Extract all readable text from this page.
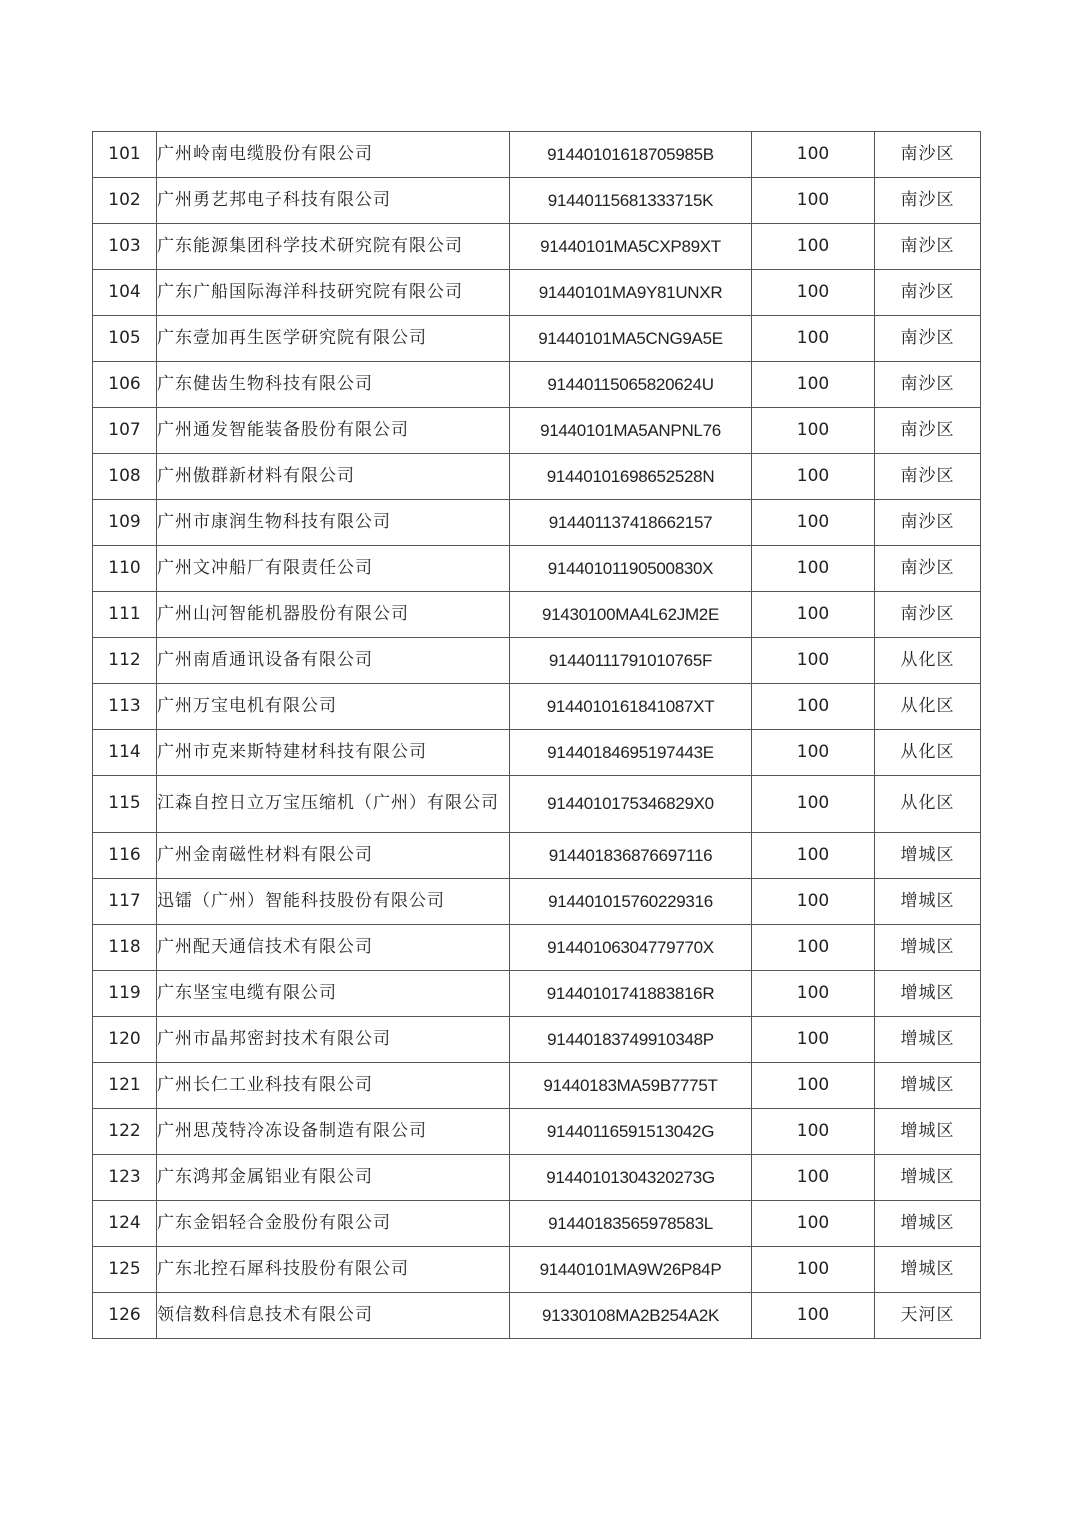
101	广州岭南电缆股份有限公司	91440101618705985B	100	南沙区
102	广州勇艺邦电子科技有限公司	91440115681333715K	100	南沙区
103	广东能源集团科学技术研究院有限公司	91440101MA5CXP89XT	100	南沙区
104	广东广船国际海洋科技研究院有限公司	91440101MA9Y81UNXR	100	南沙区
105	广东壹加再生医学研究院有限公司	91440101MA5CNG9A5E	100	南沙区
106	广东健齿生物科技有限公司	91440115065820624U	100	南沙区
107	广州通发智能装备股份有限公司	91440101MA5ANPNL76	100	南沙区
108	广州傲群新材料有限公司	91440101698652528N	100	南沙区
109	广州市康润生物科技有限公司	914401137418662157	100	南沙区
110	广州文冲船厂有限责任公司	91440101190500830X	100	南沙区
111	广州山河智能机器股份有限公司	91430100MA4L62JM2E	100	南沙区
112	广州南盾通讯设备有限公司	91440111791010765F	100	从化区
113	广州万宝电机有限公司	9144010161841087XT	100	从化区
114	广州市克来斯特建材科技有限公司	91440184695197443E	100	从化区
115	江森自控日立万宝压缩机（广州）有限公司	9144010175346829X0	100	从化区
116	广州金南磁性材料有限公司	914401836876697116	100	增城区
117	迅镭（广州）智能科技股份有限公司	914401015760229316	100	增城区
118	广州配天通信技术有限公司	91440106304779770X	100	增城区
119	广东坚宝电缆有限公司	91440101741883816R	100	增城区
120	广州市晶邦密封技术有限公司	91440183749910348P	100	增城区
121	广州长仁工业科技有限公司	91440183MA59B7775T	100	增城区
122	广州思茂特冷冻设备制造有限公司	91440116591513042G	100	增城区
123	广东鸿邦金属铝业有限公司	91440101304320273G	100	增城区
124	广东金铝轻合金股份有限公司	91440183565978583L	100	增城区
125	广东北控石犀科技股份有限公司	91440101MA9W26P84P	100	增城区
126	领信数科信息技术有限公司	91330108MA2B254A2K	100	天河区
